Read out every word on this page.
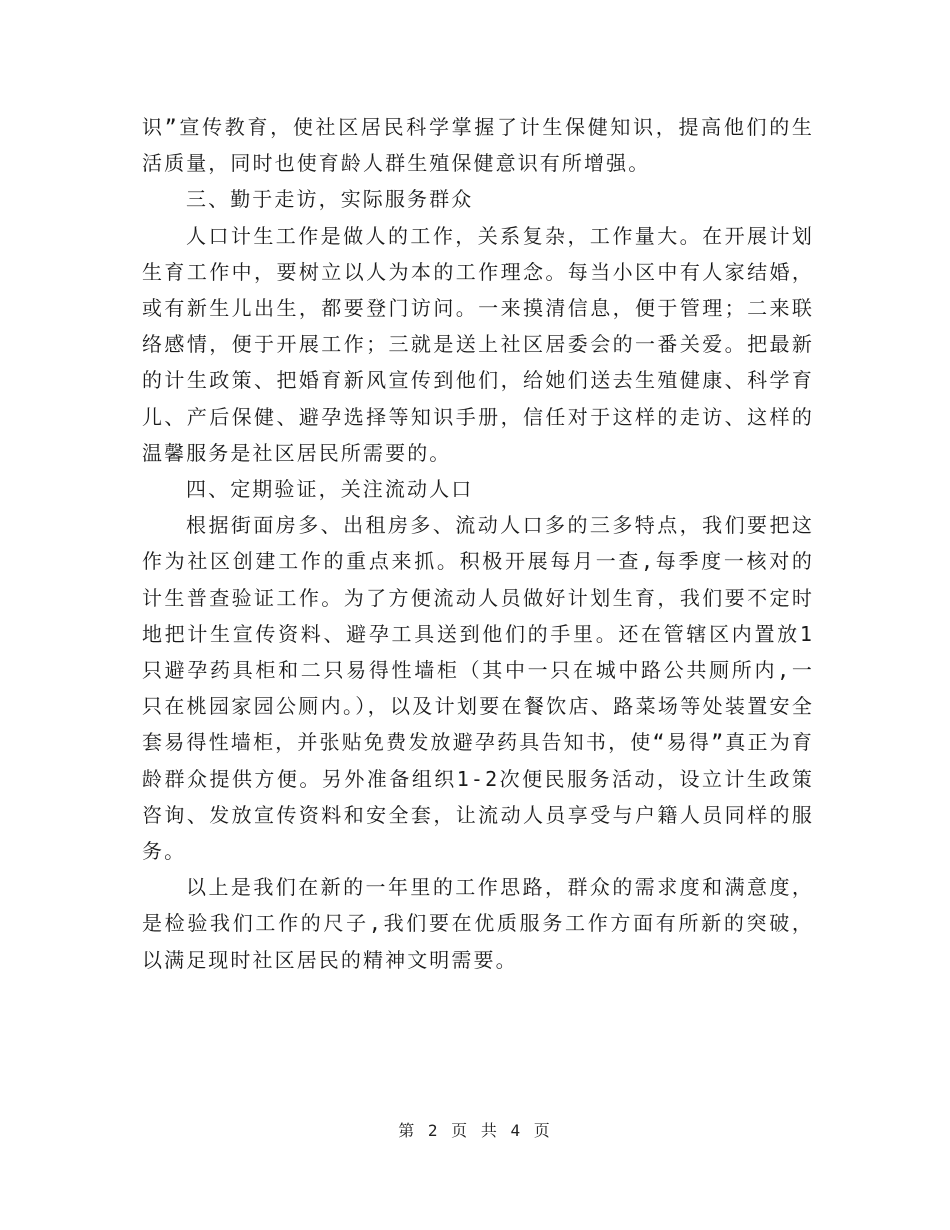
识”宣传教育，使社区居民科学掌握了计生保健知识，提高他们的生活质量，同时也使育龄人群生殖保健意识有所增强。

三、勤于走访，实际服务群众

人口计生工作是做人的工作，关系复杂，工作量大。在开展计划生育工作中，要树立以人为本的工作理念。每当小区中有人家结婚，或有新生儿出生，都要登门访问。一来摸清信息，便于管理；二来联络感情，便于开展工作；三就是送上社区居委会的一番关爱。把最新的计生政策、把婚育新风宣传到他们，给她们送去生殖健康、科学育儿、产后保健、避孕选择等知识手册，信任对于这样的走访、这样的温馨服务是社区居民所需要的。

四、定期验证，关注流动人口

根据街面房多、出租房多、流动人口多的三多特点，我们要把这作为社区创建工作的重点来抓。积极开展每月一查,每季度一核对的计生普查验证工作。为了方便流动人员做好计划生育，我们要不定时地把计生宣传资料、避孕工具送到他们的手里。还在管辖区内置放1只避孕药具柜和二只易得性墙柜（其中一只在城中路公共厕所内,一只在桃园家园公厕内。），以及计划要在餐饮店、路菜场等处装置安全套易得性墙柜，并张贴免费发放避孕药具告知书，使“易得”真正为育龄群众提供方便。另外准备组织1-2次便民服务活动，设立计生政策咨询、发放宣传资料和安全套，让流动人员享受与户籍人员同样的服务。

以上是我们在新的一年里的工作思路，群众的需求度和满意度，是检验我们工作的尺子,我们要在优质服务工作方面有所新的突破，以满足现时社区居民的精神文明需要。

第 2 页 共 4 页
